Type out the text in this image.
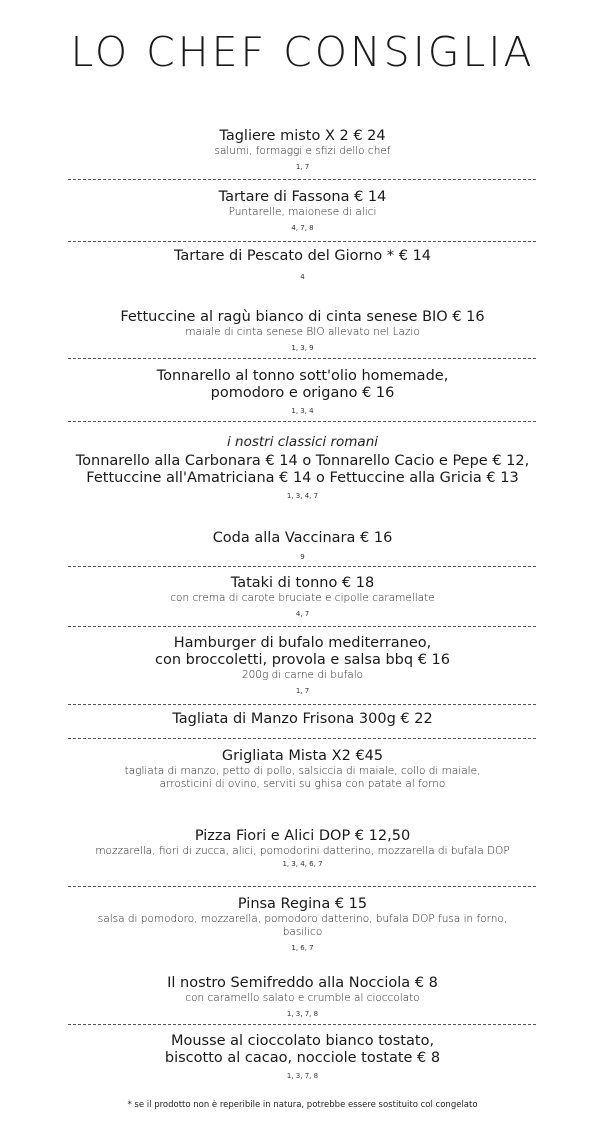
LO CHEF CONSIGLIA
Tagliere misto X 2 € 24
salumi, formaggi e sfizi dello chef
1, 7
Tartare di Fassona € 14
Puntarelle, maionese di alici
4, 7, 8
Tartare di Pescato del Giorno * € 14
4
Fettuccine al ragù bianco di cinta senese BIO € 16
maiale di cinta senese BIO allevato nel Lazio
1, 3, 9
Tonnarello al tonno sott'olio homemade,
pomodoro e origano € 16
1, 3, 4
i nostri classici romani
Tonnarello alla Carbonara € 14 o Tonnarello Cacio e Pepe € 12,
Fettuccine all'Amatriciana € 14 o Fettuccine alla Gricia € 13
1, 3, 4, 7
Coda alla Vaccinara € 16
9
Tataki di tonno € 18
con crema di carote bruciate e cipolle caramellate
4, 7
Hamburger di bufalo mediterraneo,
con broccoletti, provola e salsa bbq € 16
200g di carne di bufalo
1, 7
Tagliata di Manzo Frisona 300g € 22
Grigliata Mista X2 €45
tagliata di manzo, petto di pollo, salsiccia di maiale, collo di maiale,
arrosticini di ovino, serviti su ghisa con patate al forno
Pizza Fiori e Alici DOP € 12,50
mozzarella, fiori di zucca, alici, pomodorini datterino, mozzarella di bufala DOP
1, 3, 4, 6, 7
Pinsa Regina € 15
salsa di pomodoro, mozzarella, pomodoro datterino, bufala DOP fusa in forno,
basilico
1, 6, 7
Il nostro Semifreddo alla Nocciola € 8
con caramello salato e crumble al cioccolato
1, 3, 7, 8
Mousse al cioccolato bianco tostato,
biscotto al cacao, nocciole tostate € 8
1, 3, 7, 8
* se il prodotto non è reperibile in natura, potrebbe essere sostituito col congelato
